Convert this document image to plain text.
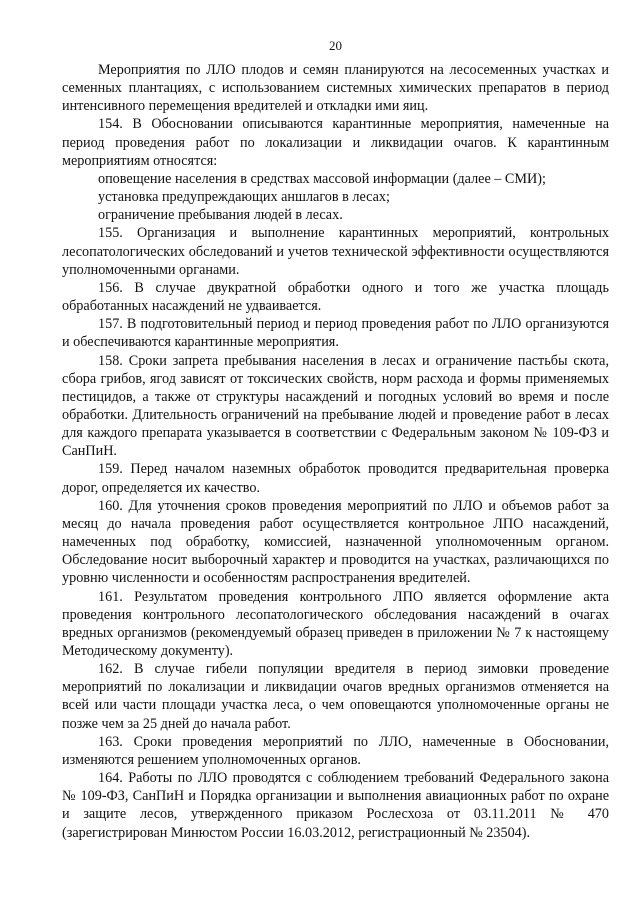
20

Мероприятия по ЛЛО плодов и семян планируются на лесосеменных участках и семенных плантациях, с использованием системных химических препаратов в период интенсивного перемещения вредителей и откладки ими яиц.

154. В Обосновании описываются карантинные мероприятия, намеченные на период проведения работ по локализации и ликвидации очагов. К карантинным мероприятиям относятся:

оповещение населения в средствах массовой информации (далее – СМИ);

установка предупреждающих аншлагов в лесах;

ограничение пребывания людей в лесах.

155. Организация и выполнение карантинных мероприятий, контрольных лесопатологических обследований и учетов технической эффективности осуществляются уполномоченными органами.

156. В случае двукратной обработки одного и того же участка площадь обработанных насаждений не удваивается.

157. В подготовительный период и период проведения работ по ЛЛО организуются и обеспечиваются карантинные мероприятия.

158. Сроки запрета пребывания населения в лесах и ограничение пастьбы скота, сбора грибов, ягод зависят от токсических свойств, норм расхода и формы применяемых пестицидов, а также от структуры насаждений и погодных условий во время и после обработки. Длительность ограничений на пребывание людей и проведение работ в лесах для каждого препарата указывается в соответствии с Федеральным законом № 109-ФЗ и СанПиН.

159. Перед началом наземных обработок проводится предварительная проверка дорог, определяется их качество.

160. Для уточнения сроков проведения мероприятий по ЛЛО и объемов работ за месяц до начала проведения работ осуществляется контрольное ЛПО насаждений, намеченных под обработку, комиссией, назначенной уполномоченным органом. Обследование носит выборочный характер и проводится на участках, различающихся по уровню численности и особенностям распространения вредителей.

161. Результатом проведения контрольного ЛПО является оформление акта проведения контрольного лесопатологического обследования насаждений в очагах вредных организмов (рекомендуемый образец приведен в приложении № 7 к настоящему Методическому документу).

162. В случае гибели популяции вредителя в период зимовки проведение мероприятий по локализации и ликвидации очагов вредных организмов отменяется на всей или части площади участка леса, о чем оповещаются уполномоченные органы не позже чем за 25 дней до начала работ.

163. Сроки проведения мероприятий по ЛЛО, намеченные в Обосновании, изменяются решением уполномоченных органов.

164. Работы по ЛЛО проводятся с соблюдением требований Федерального закона № 109-ФЗ, СанПиН и Порядка организации и выполнения авиационных работ по охране и защите лесов, утвержденного приказом Рослесхоза от 03.11.2011 № 470 (зарегистрирован Минюстом России 16.03.2012, регистрационный № 23504).
